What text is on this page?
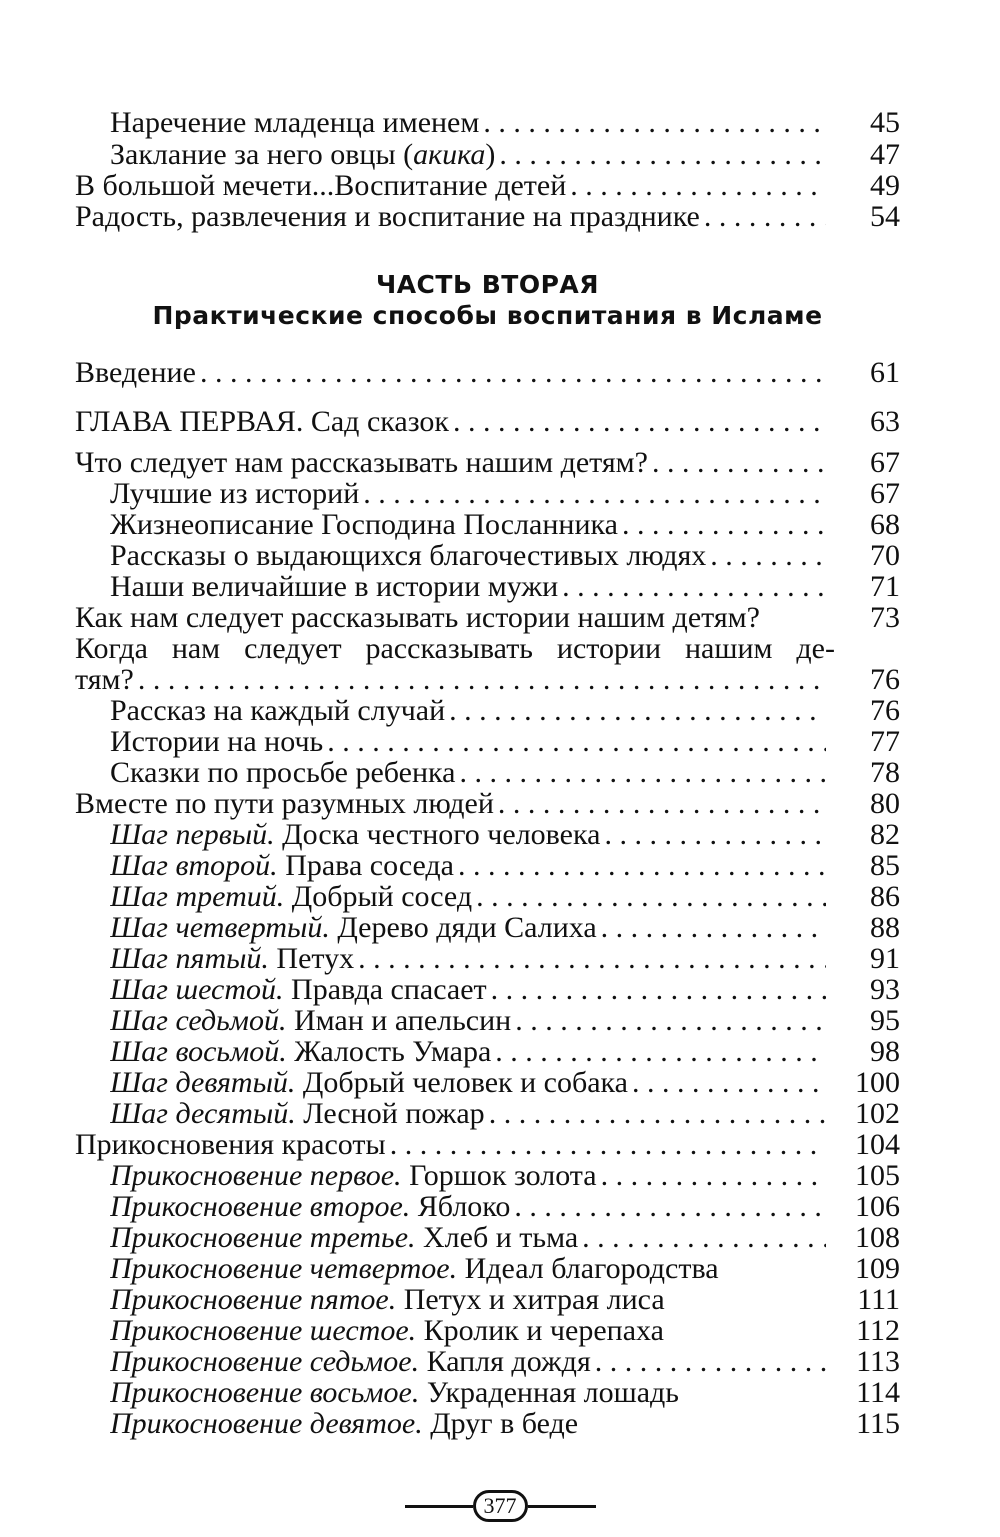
Наречение младенца именем . . .	45
Заклание за него овцы (акика) . . .	47
В большой мечети...Воспитание детей . . .	49
Радость, развлечения и воспитание на празднике . . .	54
ЧАСТЬ ВТОРАЯ
Практические способы воспитания в Исламе
Введение . . .	61
ГЛАВА ПЕРВАЯ. Сад сказок . . .	63
Что следует нам рассказывать нашим детям? . . .	67
Лучшие из историй . . .	67
Жизнеописание Господина Посланника . . .	68
Рассказы о выдающихся благочестивых людях . . .	70
Наши величайшие в истории мужи . . .	71
Как нам следует рассказывать истории нашим детям?	73
Когда нам следует рассказывать истории нашим де-
тям? . . .	76
Рассказ на каждый случай . . .	76
Истории на ночь . . .	77
Сказки по просьбе ребенка . . .	78
Вместе по пути разумных людей . . .	80
Шаг первый. Доска честного человека . . .	82
Шаг второй. Права соседа . . .	85
Шаг третий. Добрый сосед . . .	86
Шаг четвертый. Дерево дяди Салиха . . .	88
Шаг пятый. Петух . . .	91
Шаг шестой. Правда спасает . . .	93
Шаг седьмой. Иман и апельсин . . .	95
Шаг восьмой. Жалость Умара . . .	98
Шаг девятый. Добрый человек и собака . . .	100
Шаг десятый. Лесной пожар . . .	102
Прикосновения красоты . . .	104
Прикосновение первое. Горшок золота . . .	105
Прикосновение второе. Яблоко . . .	106
Прикосновение третье. Хлеб и тьма . . .	108
Прикосновение четвертое. Идеал благородства	109
Прикосновение пятое. Петух и хитрая лиса	111
Прикосновение шестое. Кролик и черепаха	112
Прикосновение седьмое. Капля дождя . . .	113
Прикосновение восьмое. Украденная лошадь	114
Прикосновение девятое. Друг в беде	115
377
